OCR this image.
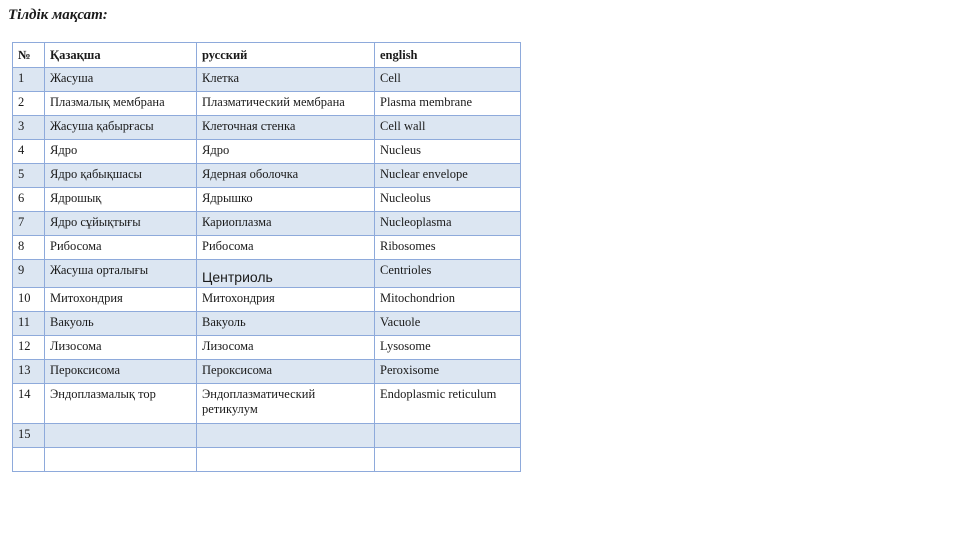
Тілдік мақсат:
№	Қазақша	русский	english
1	Жасуша	Клетка	Cell
2	Плазмалық мембрана	Плазматический мембрана	Plasma membrane
3	Жасуша қабырғасы	Клеточная стенка	Cell wall
4	Ядро	Ядро	Nucleus
5	Ядро қабықшасы	Ядерная оболочка	Nuclear envelope
6	Ядрошық	Ядрышко	Nucleolus
7	Ядро сұйықтығы	Кариоплазма	Nucleoplasma
8	Рибосома	Рибосома	Ribosomes
9	Жасуша орталығы	Центриоль	Centrioles
10	Митохондрия	Митохондрия	Mitochondrion
11	Вакуоль	Вакуоль	Vacuole
12	Лизосома	Лизосома	Lysosome
13	Пероксисома	Пероксисома	Peroxisome
14	Эндоплазмалық тор	Эндоплазматический ретикулум	Endoplasmic reticulum
15			
